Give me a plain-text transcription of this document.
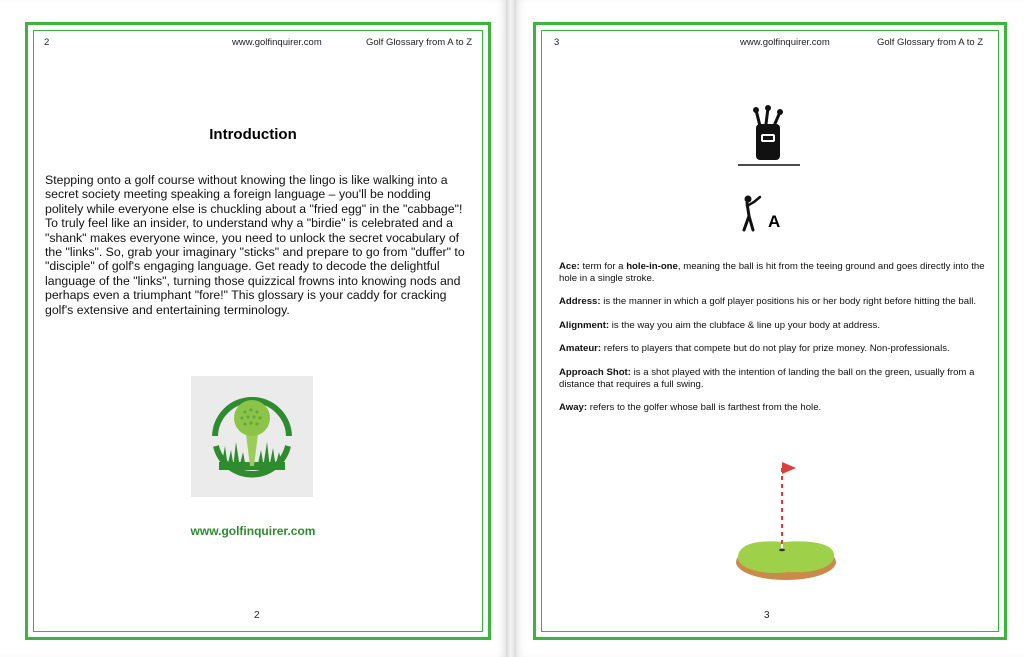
2	www.golfinquirer.com	Golf Glossary from A to Z
Introduction
Stepping onto a golf course without knowing the lingo is like walking into a secret society meeting speaking a foreign language – you'll be nodding politely while everyone else is chuckling about a "fried egg" in the "cabbage"! To truly feel like an insider, to understand why a "birdie" is celebrated and a "shank" makes everyone wince, you need to unlock the secret vocabulary of the "links". So, grab your imaginary "sticks" and prepare to go from "duffer" to "disciple" of golf's engaging language. Get ready to decode the delightful language of the "links", turning those quizzical frowns into knowing nods and perhaps even a triumphant "fore!" This glossary is your caddy for cracking golf's extensive and entertaining terminology.
www.golfinquirer.com
2
3	www.golfinquirer.com	Golf Glossary from A to Z
A
Ace: term for a hole-in-one, meaning the ball is hit from the teeing ground and goes directly into the hole in a single stroke.
Address: is the manner in which a golf player positions his or her body right before hitting the ball.
Alignment: is the way you aim the clubface & line up your body at address.
Amateur: refers to players that compete but do not play for prize money. Non-professionals.
Approach Shot: is a shot played with the intention of landing the ball on the green, usually from a distance that requires a full swing.
Away: refers to the golfer whose ball is farthest from the hole.
3
